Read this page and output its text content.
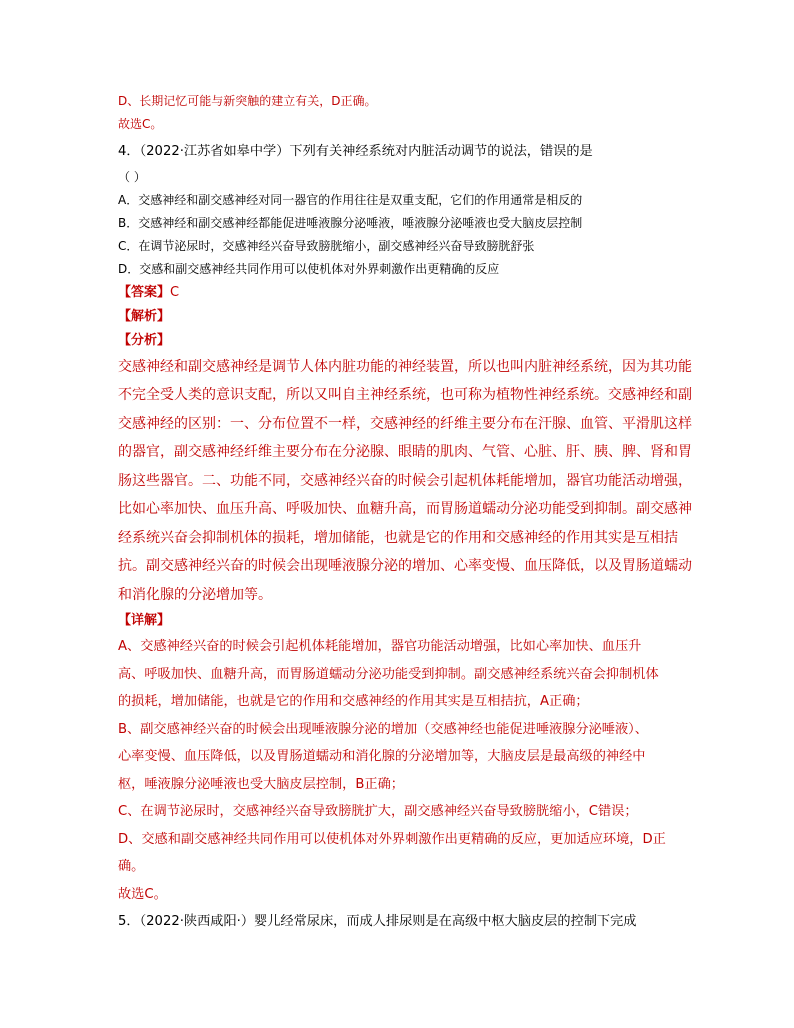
D、长期记忆可能与新突触的建立有关，D正确。

故选C。

4．（2022·江苏省如皋中学）下列有关神经系统对内脏活动调节的说法，错误的是

（ ）

A．交感神经和副交感神经对同一器官的作用往往是双重支配，它们的作用通常是相反的

B．交感神经和副交感神经都能促进唾液腺分泌唾液，唾液腺分泌唾液也受大脑皮层控制

C．在调节泌尿时，交感神经兴奋导致膀胱缩小，副交感神经兴奋导致膀胱舒张

D．交感和副交感神经共同作用可以使机体对外界刺激作出更精确的反应

【答案】C

【解析】

【分析】

交感神经和副交感神经是调节人体内脏功能的神经装置，所以也叫内脏神经系统，因为其功能

不完全受人类的意识支配，所以又叫自主神经系统，也可称为植物性神经系统。交感神经和副

交感神经的区别：一、分布位置不一样，交感神经的纤维主要分布在汗腺、血管、平滑肌这样

的器官，副交感神经纤维主要分布在分泌腺、眼睛的肌肉、气管、心脏、肝、胰、脾、肾和胃

肠这些器官。二、功能不同，交感神经兴奋的时候会引起机体耗能增加，器官功能活动增强，

比如心率加快、血压升高、呼吸加快、血糖升高，而胃肠道蠕动分泌功能受到抑制。副交感神

经系统兴奋会抑制机体的损耗，增加储能，也就是它的作用和交感神经的作用其实是互相拮

抗。副交感神经兴奋的时候会出现唾液腺分泌的增加、心率变慢、血压降低，以及胃肠道蠕动

和消化腺的分泌增加等。

【详解】

A、交感神经兴奋的时候会引起机体耗能增加，器官功能活动增强，比如心率加快、血压升

高、呼吸加快、血糖升高，而胃肠道蠕动分泌功能受到抑制。副交感神经系统兴奋会抑制机体

的损耗，增加储能，也就是它的作用和交感神经的作用其实是互相拮抗，A正确；

B、副交感神经兴奋的时候会出现唾液腺分泌的增加（交感神经也能促进唾液腺分泌唾液）、

心率变慢、血压降低，以及胃肠道蠕动和消化腺的分泌增加等，大脑皮层是最高级的神经中

枢，唾液腺分泌唾液也受大脑皮层控制，B正确；

C、在调节泌尿时，交感神经兴奋导致膀胱扩大，副交感神经兴奋导致膀胱缩小，C错误；

D、交感和副交感神经共同作用可以使机体对外界刺激作出更精确的反应，更加适应环境，D正

确。

故选C。

5．（2022·陕西咸阳·）婴儿经常尿床，而成人排尿则是在高级中枢大脑皮层的控制下完成
